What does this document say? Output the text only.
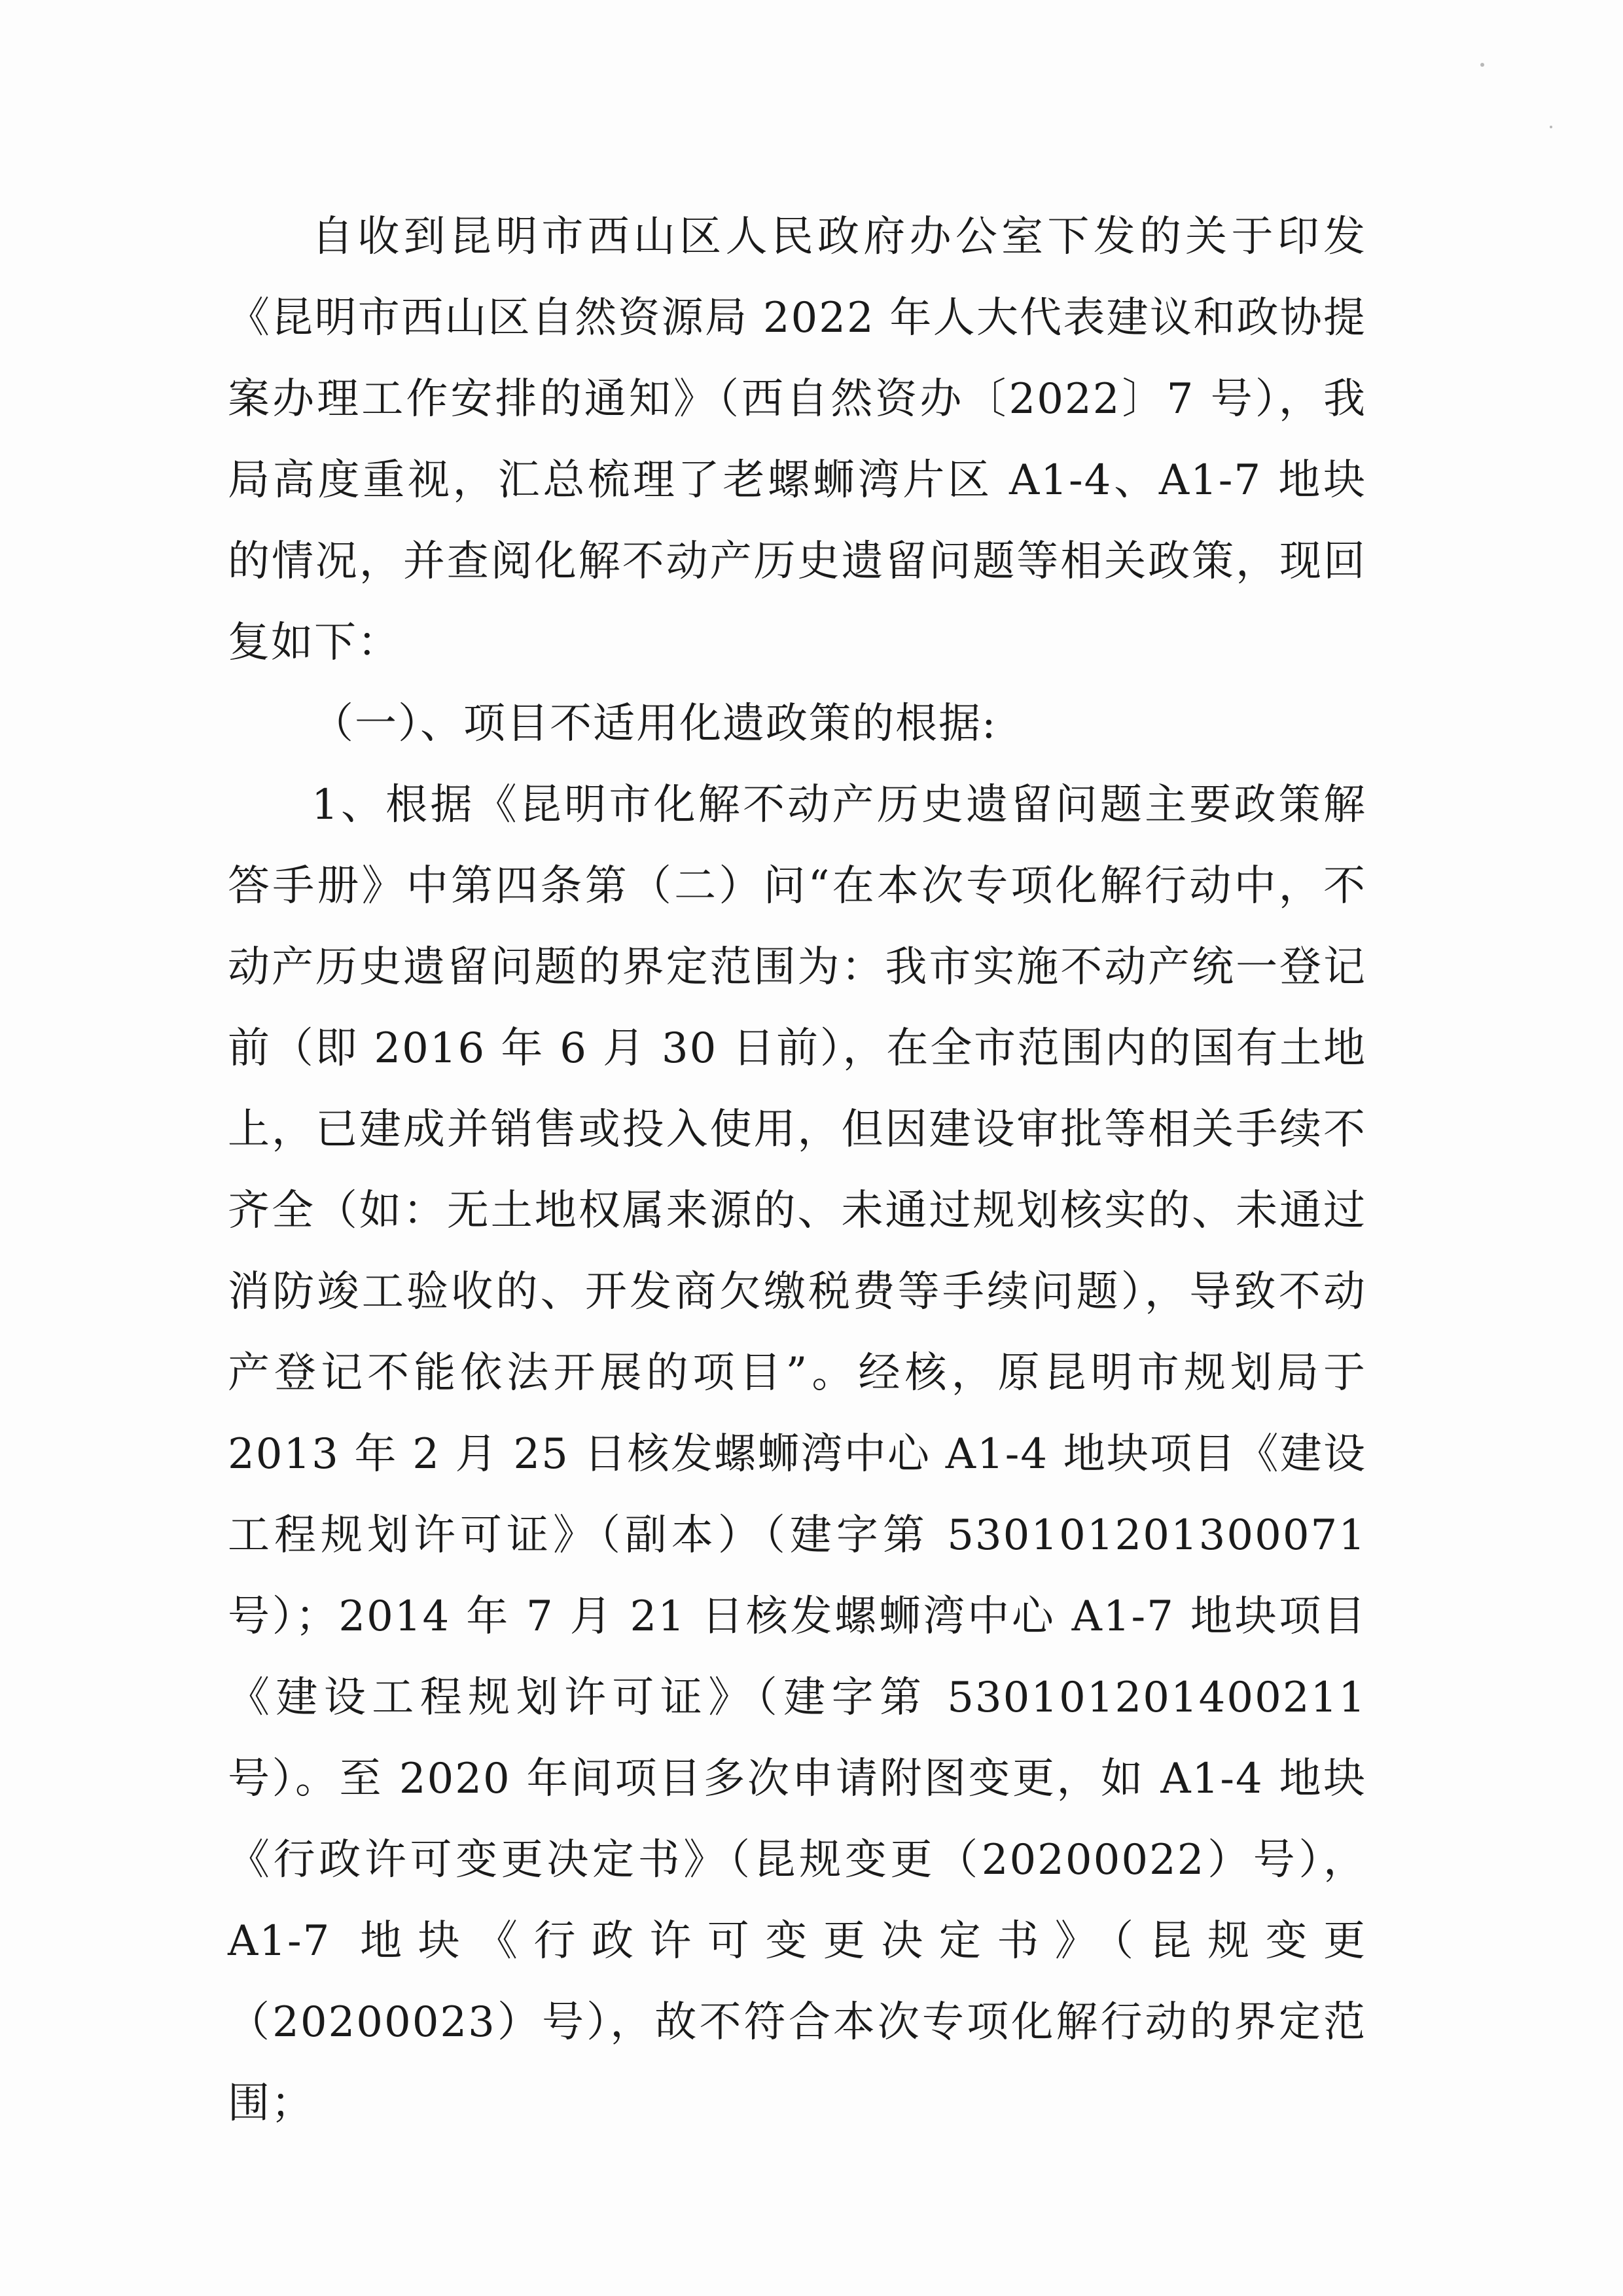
自收到昆明市西山区人民政府办公室下发的关于印发《昆明市西山区自然资源局 2022 年人大代表建议和政协提案办理工作安排的通知》（西自然资办〔2022〕7 号），我局高度重视，汇总梳理了老螺蛳湾片区 A1-4、A1-7 地块的情况，并查阅化解不动产历史遗留问题等相关政策，现回复如下：

（一）、项目不适用化遗政策的根据:

1、根据《昆明市化解不动产历史遗留问题主要政策解答手册》中第四条第（二）问“在本次专项化解行动中，不动产历史遗留问题的界定范围为：我市实施不动产统一登记前（即 2016 年 6 月 30 日前），在全市范围内的国有土地上，已建成并销售或投入使用，但因建设审批等相关手续不齐全（如：无土地权属来源的、未通过规划核实的、未通过消防竣工验收的、开发商欠缴税费等手续问题），导致不动产登记不能依法开展的项目”。经核，原昆明市规划局于 2013 年 2 月 25 日核发螺蛳湾中心 A1-4 地块项目《建设工程规划许可证》（副本）（建字第 530101201300071 号）；2014 年 7 月 21 日核发螺蛳湾中心 A1-7 地块项目《建设工程规划许可证》（建字第 530101201400211 号）。至 2020 年间项目多次申请附图变更，如 A1-4 地块《行政许可变更决定书》（昆规变更（20200022）号），A1-7 地块《行政许可变更决定书》（昆规变更（20200023）号），故不符合本次专项化解行动的界定范围；
